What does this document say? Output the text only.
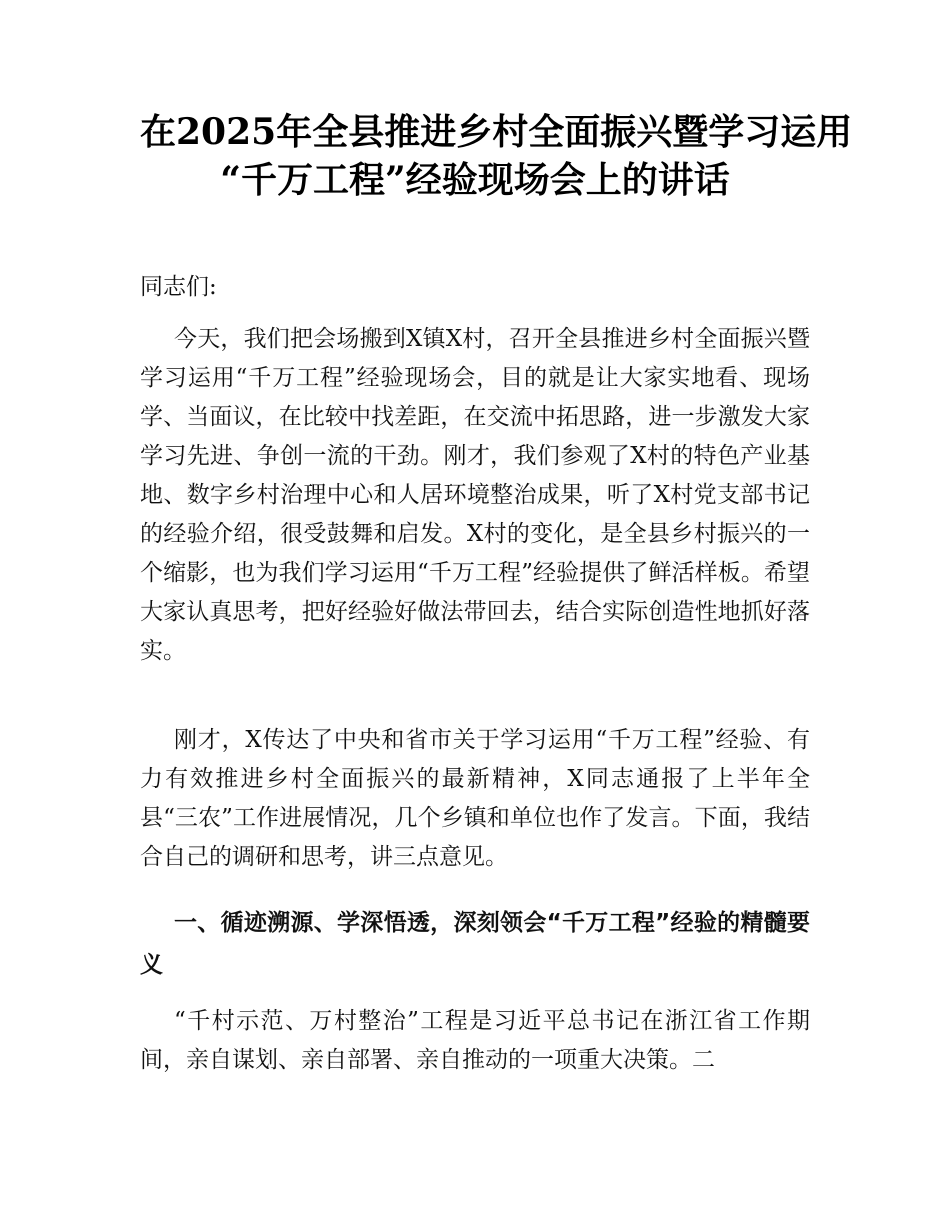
在2025年全县推进乡村全面振兴暨学习运用
“千万工程”经验现场会上的讲话

同志们:

今天，我们把会场搬到X镇X村，召开全县推进乡村全面振兴暨学习运用“千万工程”经验现场会，目的就是让大家实地看、现场学、当面议，在比较中找差距，在交流中拓思路，进一步激发大家学习先进、争创一流的干劲。刚才，我们参观了X村的特色产业基地、数字乡村治理中心和人居环境整治成果，听了X村党支部书记的经验介绍，很受鼓舞和启发。X村的变化，是全县乡村振兴的一个缩影，也为我们学习运用“千万工程”经验提供了鲜活样板。希望大家认真思考，把好经验好做法带回去，结合实际创造性地抓好落实。

刚才，X传达了中央和省市关于学习运用“千万工程”经验、有力有效推进乡村全面振兴的最新精神，X同志通报了上半年全县“三农”工作进展情况，几个乡镇和单位也作了发言。下面，我结合自己的调研和思考，讲三点意见。

一、循迹溯源、学深悟透，深刻领会“千万工程”经验的精髓要义

“千村示范、万村整治”工程是习近平总书记在浙江省工作期间，亲自谋划、亲自部署、亲自推动的一项重大决策。二
